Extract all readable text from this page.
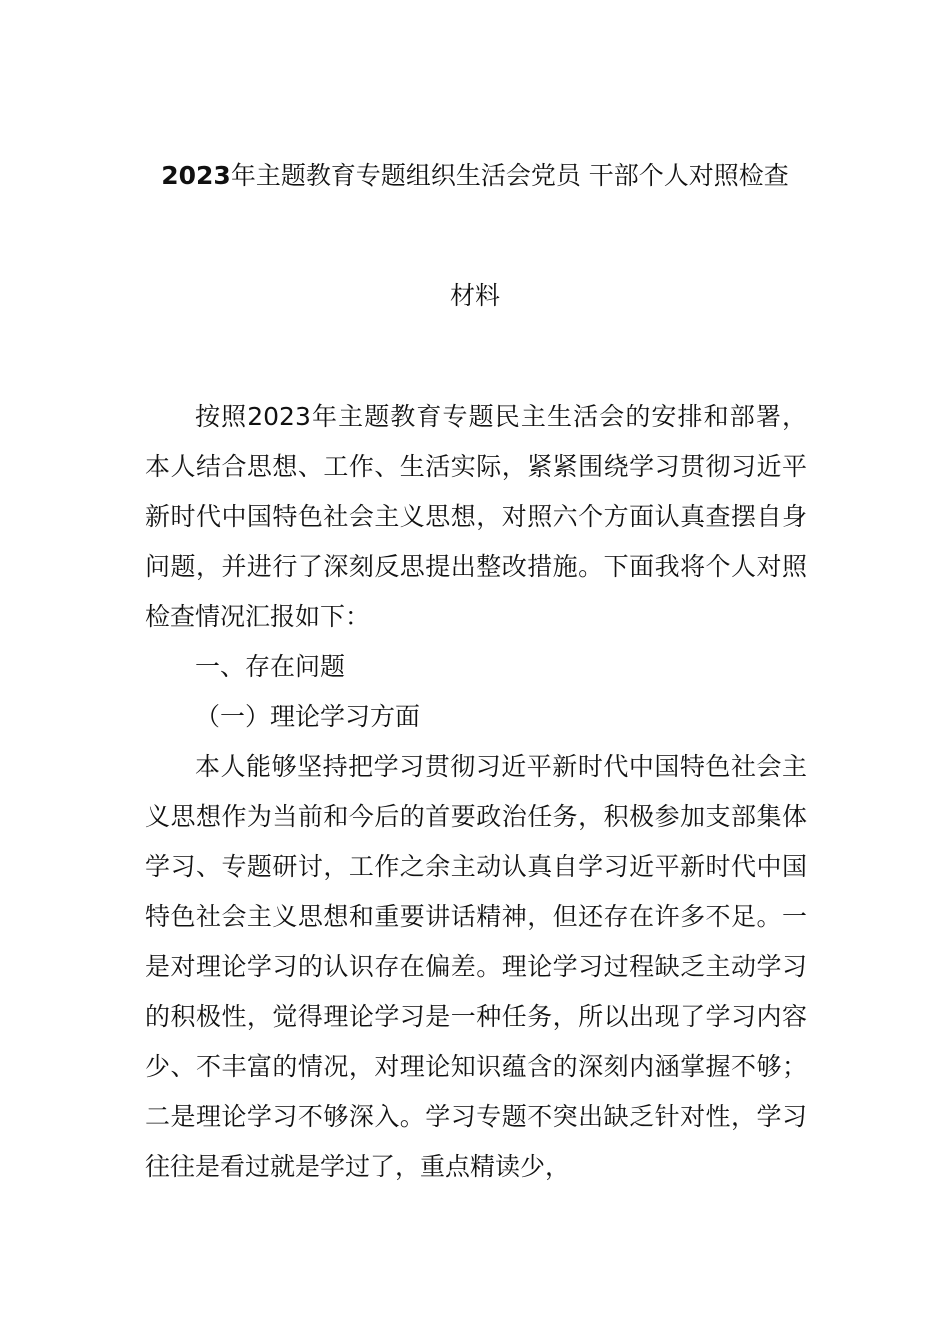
2023年主题教育专题组织生活会党员 干部个人对照检查
材料

按照2023年主题教育专题民主生活会的安排和部署，本人结合思想、工作、生活实际，紧紧围绕学习贯彻习近平新时代中国特色社会主义思想，对照六个方面认真查摆自身问题，并进行了深刻反思提出整改措施。下面我将个人对照检查情况汇报如下：

一、存在问题

（一）理论学习方面

本人能够坚持把学习贯彻习近平新时代中国特色社会主义思想作为当前和今后的首要政治任务，积极参加支部集体学习、专题研讨，工作之余主动认真自学习近平新时代中国特色社会主义思想和重要讲话精神，但还存在许多不足。一是对理论学习的认识存在偏差。理论学习过程缺乏主动学习的积极性，觉得理论学习是一种任务，所以出现了学习内容少、不丰富的情况，对理论知识蕴含的深刻内涵掌握不够；二是理论学习不够深入。学习专题不突出缺乏针对性，学习往往是看过就是学过了，重点精读少，
